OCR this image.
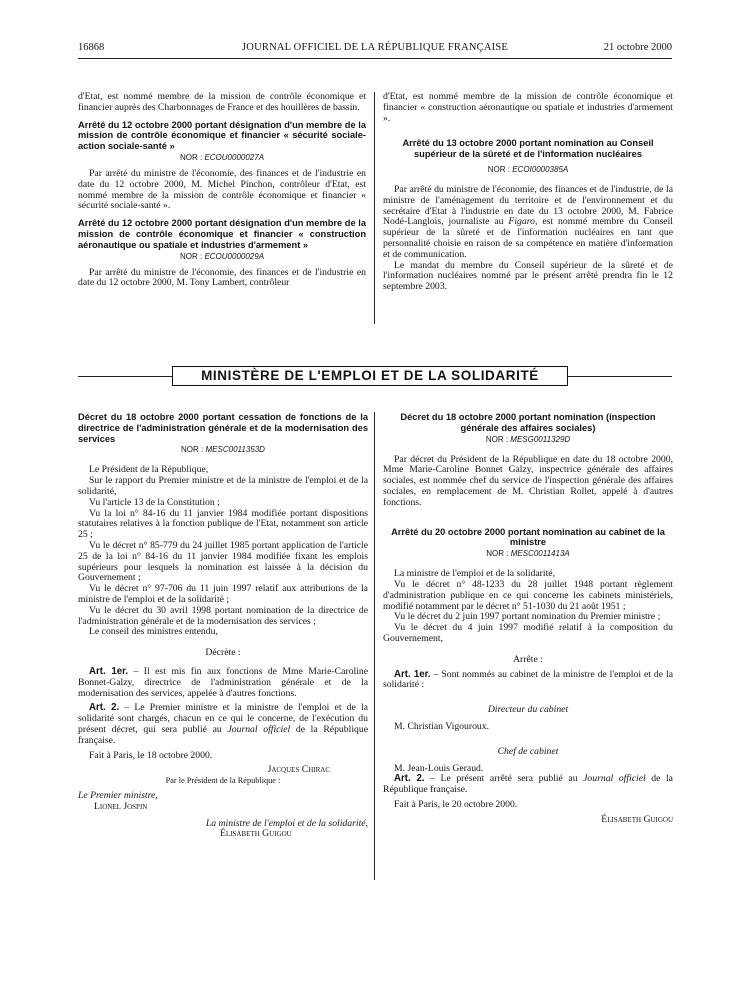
16868	JOURNAL OFFICIEL DE LA RÉPUBLIQUE FRANÇAISE	21 octobre 2000

d'Etat, est nommé membre de la mission de contrôle économique et financier auprès des Charbonnages de France et des houillères de bassin.

Arrêté du 12 octobre 2000 portant désignation d'un membre de la mission de contrôle économique et financier « sécurité sociale-action sociale-santé »

NOR : ECOU0000027A

Par arrêté du ministre de l'économie, des finances et de l'industrie en date du 12 octobre 2000, M. Michel Pinchon, contrôleur d'Etat, est nommé membre de la mission de contrôle économique et financier « sécurité sociale-santé ».

Arrêté du 12 octobre 2000 portant désignation d'un membre de la mission de contrôle économique et financier « construction aéronautique ou spatiale et industries d'armement »

NOR : ECOU0000029A

Par arrêté du ministre de l'économie, des finances et de l'industrie en date du 12 octobre 2000, M. Tony Lambert, contrôleur

d'Etat, est nommé membre de la mission de contrôle économique et financier « construction aéronautique ou spatiale et industries d'armement ».

Arrêté du 13 octobre 2000 portant nomination au Conseil supérieur de la sûreté et de l'information nucléaires

NOR : ECOI0000385A

Par arrêté du ministre de l'économie, des finances et de l'industrie, de la ministre de l'aménagement du territoire et de l'environnement et du secrétaire d'Etat à l'industrie en date du 13 octobre 2000, M. Fabrice Nodé-Langlois, journaliste au Figaro, est nommé membre du Conseil supérieur de la sûreté et de l'information nucléaires en tant que personnalité choisie en raison de sa compétence en matière d'information et de communication.

Le mandat du membre du Conseil supérieur de la sûreté et de l'information nucléaires nommé par le présent arrêté prendra fin le 12 septembre 2003.

MINISTÈRE DE L'EMPLOI ET DE LA SOLIDARITÉ

Décret du 18 octobre 2000 portant cessation de fonctions de la directrice de l'administration générale et de la modernisation des services

NOR : MESC0011353D

Le Président de la République,

Sur le rapport du Premier ministre et de la ministre de l'emploi et de la solidarité,

Vu l'article 13 de la Constitution ;

Vu la loi n° 84-16 du 11 janvier 1984 modifiée portant dispositions statutaires relatives à la fonction publique de l'Etat, notamment son article 25 ;

Vu le décret n° 85-779 du 24 juillet 1985 portant application de l'article 25 de la loi n° 84-16 du 11 janvier 1984 modifiée fixant les emplois supérieurs pour lesquels la nomination est laissée à la décision du Gouvernement ;

Vu le décret n° 97-706 du 11 juin 1997 relatif aux attributions de la ministre de l'emploi et de la solidarité ;

Vu le décret du 30 avril 1998 portant nomination de la directrice de l'administration générale et de la modernisation des services ;

Le conseil des ministres entendu,

Décrète :

Art. 1er. – Il est mis fin aux fonctions de Mme Marie-Caroline Bonnet-Galzy, directrice de l'administration générale et de la modernisation des services, appelée à d'autres fonctions.

Art. 2. – Le Premier ministre et la ministre de l'emploi et de la solidarité sont chargés, chacun en ce qui le concerne, de l'exécution du présent décret, qui sera publié au Journal officiel de la République française.

Fait à Paris, le 18 octobre 2000.

Jacques Chirac

Par le Président de la République :

Le Premier ministre,

Lionel Jospin

La ministre de l'emploi et de la solidarité,

Élisabeth Guigou

Décret du 18 octobre 2000 portant nomination (inspection générale des affaires sociales)

NOR : MESG0011329D

Par décret du Président de la République en date du 18 octobre 2000, Mme Marie-Caroline Bonnet Galzy, inspectrice générale des affaires sociales, est nommée chef du service de l'inspection générale des affaires sociales, en remplacement de M. Christian Rollet, appelé à d'autres fonctions.

Arrêté du 20 octobre 2000 portant nomination au cabinet de la ministre

NOR : MESC0011413A

La ministre de l'emploi et de la solidarité,

Vu le décret n° 48-1233 du 28 juillet 1948 portant règlement d'administration publique en ce qui concerne les cabinets ministériels, modifié notamment par le décret n° 51-1030 du 21 août 1951 ;

Vu le décret du 2 juin 1997 portant nomination du Premier ministre ;

Vu le décret du 4 juin 1997 modifié relatif à la composition du Gouvernement,

Arrête :

Art. 1er. – Sont nommés au cabinet de la ministre de l'emploi et de la solidarité :

Directeur du cabinet

M. Christian Vigouroux.

Chef de cabinet

M. Jean-Louis Geraud.

Art. 2. – Le présent arrêté sera publié au Journal officiel de la République française.

Fait à Paris, le 20 octobre 2000.

Élisabeth Guigou
